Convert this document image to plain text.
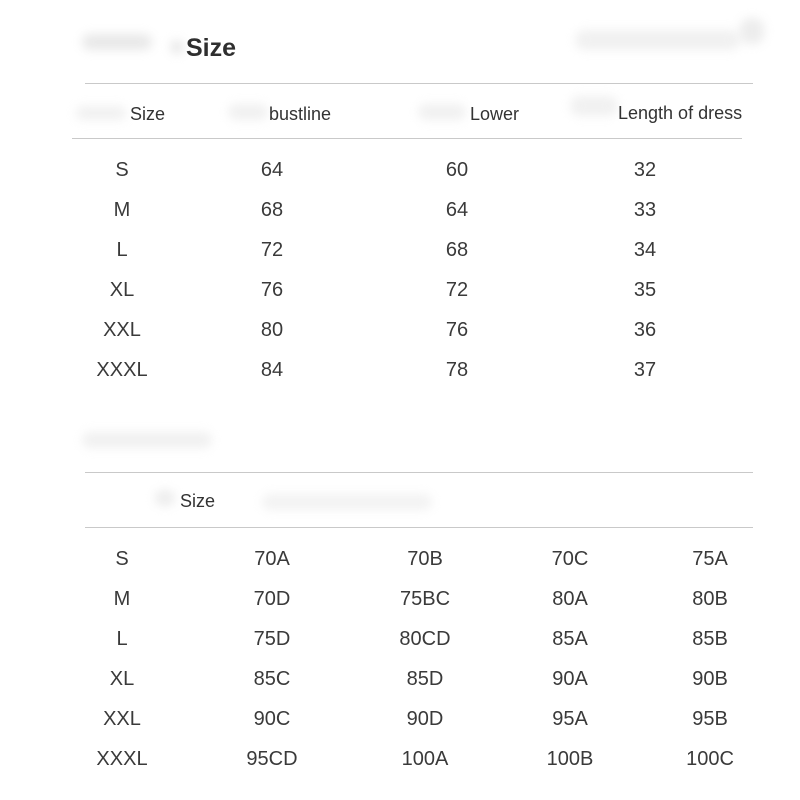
Size
Size	bustline	Lower	Length of dress
S	64	60	32
M	68	64	33
L	72	68	34
XL	76	72	35
XXL	80	76	36
XXXL	84	78	37
Size
S	70A	70B	70C	75A
M	70D	75BC	80A	80B
L	75D	80CD	85A	85B
XL	85C	85D	90A	90B
XXL	90C	90D	95A	95B
XXXL	95CD	100A	100B	100C
